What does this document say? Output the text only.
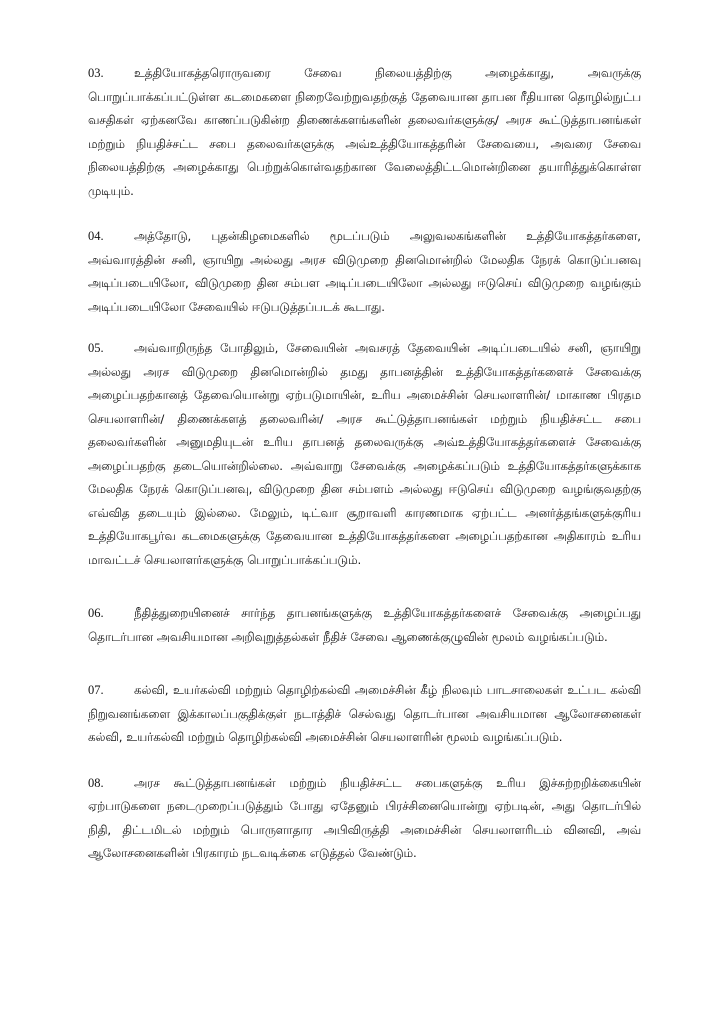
03.	உத்தியோகத்தரொருவரை சேவை நிலையத்திற்கு அழைக்காது, அவருக்கு பொறுப்பாக்கப்பட்டுள்ள கடமைகளை நிறைவேற்றுவதற்குத் தேவையான தாபன ரீதியான தொழில்நுட்ப வசதிகள் ஏற்கனவே காணப்படுகின்ற திணைக்களங்களின் தலைவர்களுக்கு/ அரச கூட்டுத்தாபனங்கள் மற்றும் நியதிச்சட்ட சபை தலைவர்களுக்கு அவ்உத்தியோகத்தரின் சேவையை, அவரை சேவை நிலையத்திற்கு அழைக்காது பெற்றுக்கொள்வதற்கான வேலைத்திட்டமொன்றினை தயாரித்துக்கொள்ள முடியும்.

04.	அத்தோடு, புதன்கிழமைகளில் மூடப்படும் அலுவலகங்களின் உத்தியோகத்தர்களை, அவ்வாரத்தின் சனி, ஞாயிறு அல்லது அரச விடுமுறை தினமொன்றில் மேலதிக நேரக் கொடுப்பனவு அடிப்படையிலோ, விடுமுறை தின சம்பள அடிப்படையிலோ அல்லது ஈடுசெய் விடுமுறை வழங்கும் அடிப்படையிலோ சேவையில் ஈடுபடுத்தப்படக் கூடாது.

05.	அவ்வாறிருந்த போதிலும், சேவையின் அவசரத் தேவையின் அடிப்படையில் சனி, ஞாயிறு அல்லது அரச விடுமுறை தினமொன்றில் தமது தாபனத்தின் உத்தியோகத்தர்களைச் சேவைக்கு அழைப்பதற்கானத் தேவையொன்று ஏற்படுமாயின், உரிய அமைச்சின் செயலாளரின்/ மாகாண பிரதம செயலாளரின்/ திணைக்களத் தலைவரின்/ அரச கூட்டுத்தாபனங்கள் மற்றும் நியதிச்சட்ட சபை தலைவர்களின் அனுமதியுடன் உரிய தாபனத் தலைவருக்கு அவ்உத்தியோகத்தர்களைச் சேவைக்கு அழைப்பதற்கு தடையொன்றில்லை. அவ்வாறு சேவைக்கு அழைக்கப்படும் உத்தியோகத்தர்களுக்காக மேலதிக நேரக் கொடுப்பனவு, விடுமுறை தின சம்பளம் அல்லது ஈடுசெய் விடுமுறை வழங்குவதற்கு எவ்வித தடையும் இல்லை. மேலும், டிட்வா சூறாவளி காரணமாக ஏற்பட்ட அனர்த்தங்களுக்குரிய உத்தியோகபூர்வ கடமைகளுக்கு தேவையான உத்தியோகத்தர்களை அழைப்பதற்கான அதிகாரம் உரிய மாவட்டச் செயலாளர்களுக்கு பொறுப்பாக்கப்படும்.

06.	நீதித்துறையினைச் சார்ந்த தாபனங்களுக்கு உத்தியோகத்தர்களைச் சேவைக்கு அழைப்பது தொடர்பான அவசியமான அறிவுறுத்தல்கள் நீதிச் சேவை ஆணைக்குழுவின் மூலம் வழங்கப்படும்.

07.	கல்வி, உயர்கல்வி மற்றும் தொழிற்கல்வி அமைச்சின் கீழ் நிலவும் பாடசாலைகள் உட்பட கல்வி நிறுவனங்களை இக்காலப்பகுதிக்குள் நடாத்திச் செல்வது தொடர்பான அவசியமான ஆலோசனைகள் கல்வி, உயர்கல்வி மற்றும் தொழிற்கல்வி அமைச்சின் செயலாளரின் மூலம் வழங்கப்படும்.

08.	அரச கூட்டுத்தாபனங்கள் மற்றும் நியதிச்சட்ட சபைகளுக்கு உரிய இச்சுற்றறிக்கையின் ஏற்பாடுகளை நடைமுறைப்படுத்தும் போது ஏதேனும் பிரச்சினையொன்று ஏற்படின், அது தொடர்பில் நிதி, திட்டமிடல் மற்றும் பொருளாதார அபிவிருத்தி அமைச்சின் செயலாளரிடம் வினவி, அவ் ஆலோசனைகளின் பிரகாரம் நடவடிக்கை எடுத்தல் வேண்டும்.
